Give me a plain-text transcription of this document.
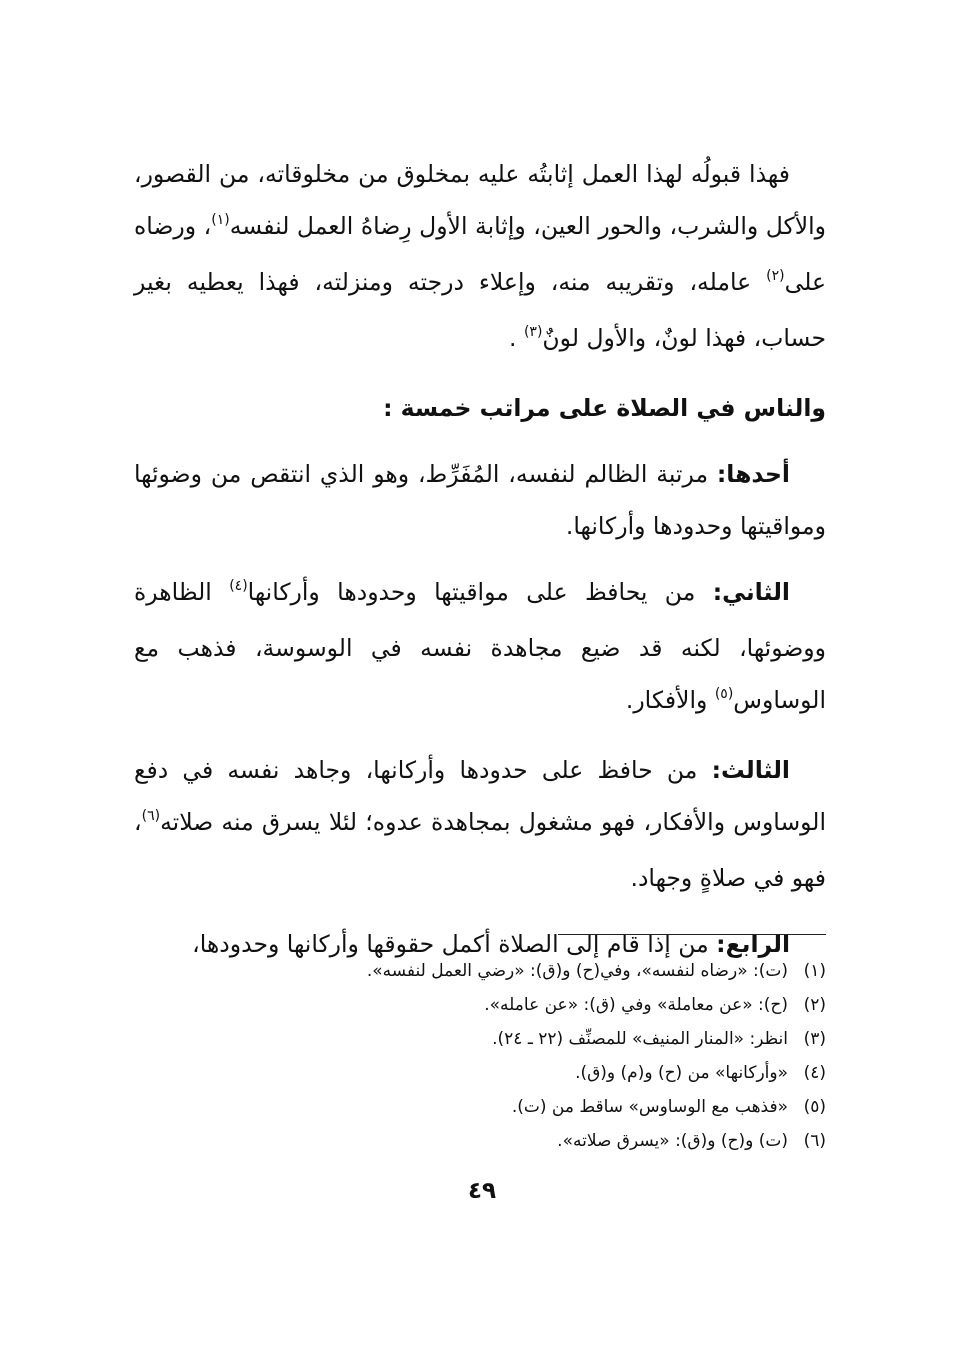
فهذا قبولُه لهذا العمل إثابتُه عليه بمخلوق من مخلوقاته، من القصور، والأكل والشرب، والحور العين، وإثابة الأول رِضاهُ العمل لنفسه$^{(١)}$، ورضاه على$^{(٢)}$ عامله، وتقريبه منه، وإعلاء درجته ومنزلته، فهذا يعطيه بغير حساب، فهذا لونٌ، والأول لونٌ$^{(٣)}$ .

والناس في الصلاة على مراتب خمسة :

أحدها: مرتبة الظالم لنفسه، المُفَرِّط، وهو الذي انتقص من وضوئها ومواقيتها وحدودها وأركانها.

الثاني: من يحافظ على مواقيتها وحدودها وأركانها$^{(٤)}$ الظاهرة ووضوئها، لكنه قد ضيع مجاهدة نفسه في الوسوسة، فذهب مع الوساوس$^{(٥)}$ والأفكار.

الثالث: من حافظ على حدودها وأركانها، وجاهد نفسه في دفع الوساوس والأفكار، فهو مشغول بمجاهدة عدوه؛ لئلا يسرق منه صلاته$^{(٦)}$، فهو في صلاةٍ وجهاد.

الرابع: من إذا قام إلى الصلاة أكمل حقوقها وأركانها وحدودها،

(١)
(ت): «رضاه لنفسه»، وفي(ح) و(ق): «رضي العمل لنفسه».
(٢)
(ح): «عن معاملة» وفي (ق): «عن عامله».
(٣)
انظر: «المنار المنيف» للمصنِّف (٢٢ ـ ٢٤).
(٤)
«وأركانها» من (ح) و(م) و(ق).
(٥)
«فذهب مع الوساوس» ساقط من (ت).
(٦)
(ت) و(ح) و(ق): «يسرق صلاته».
٤٩
